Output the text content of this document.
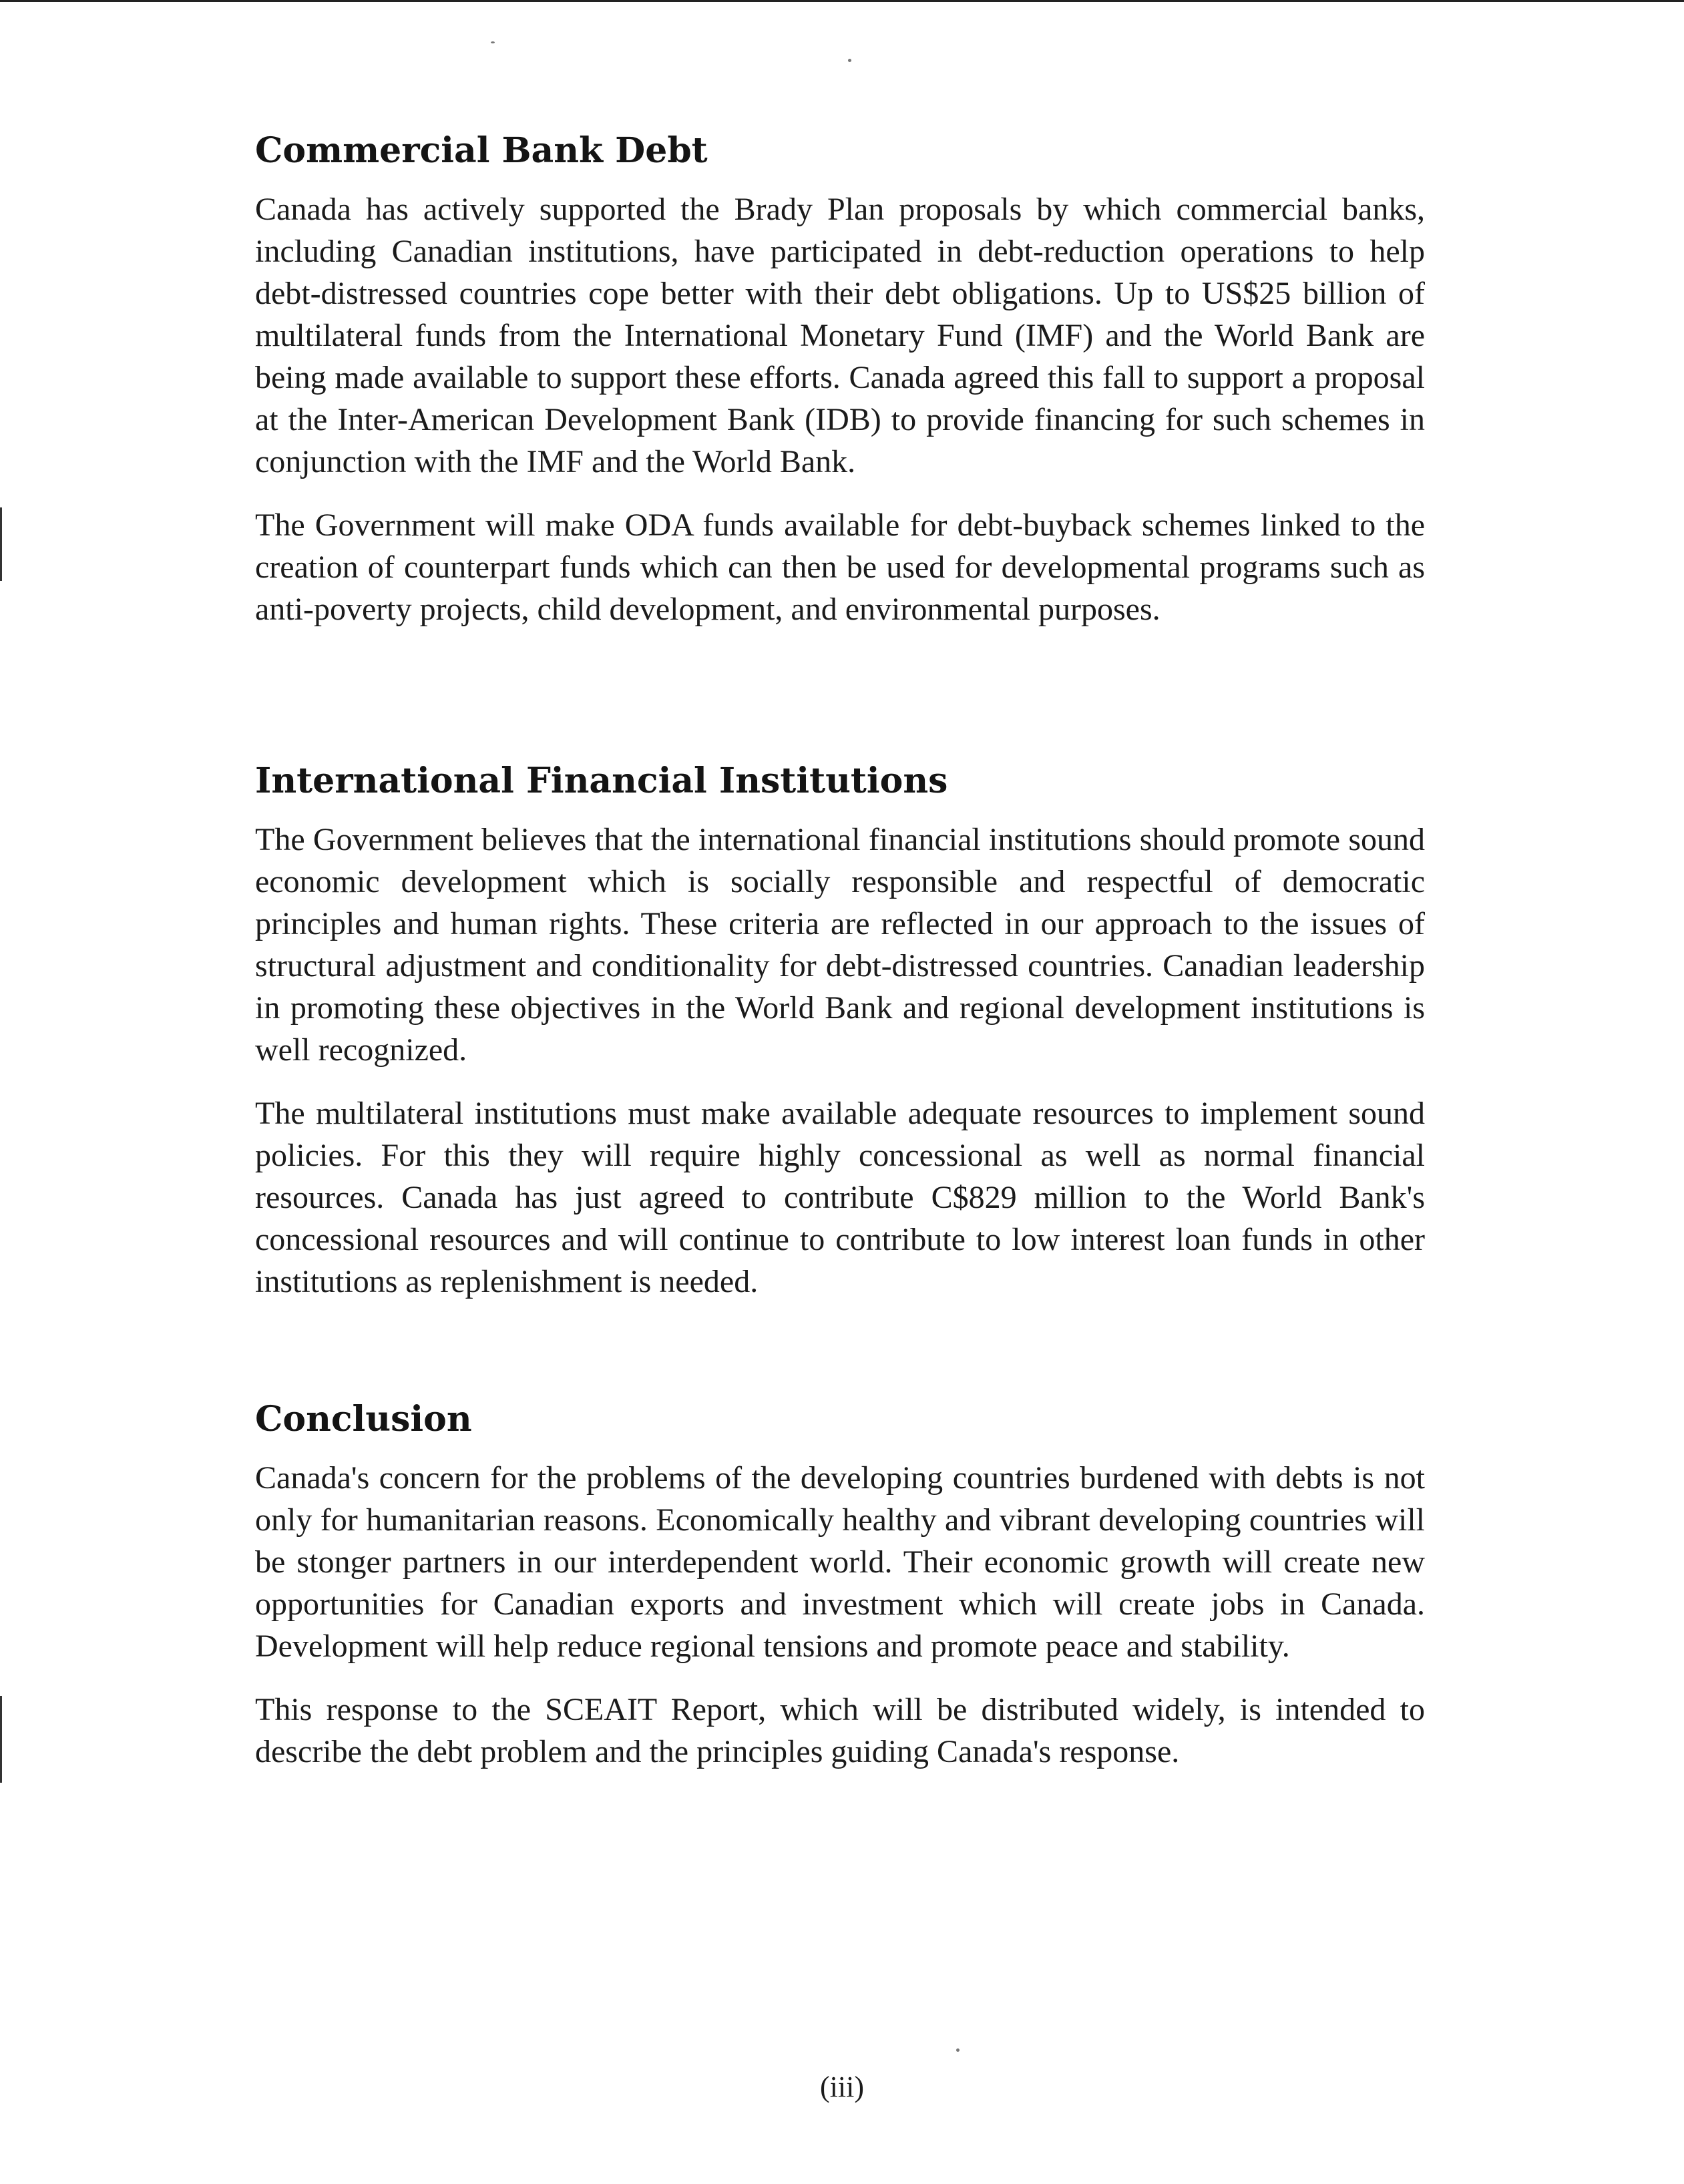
Commercial Bank Debt

Canada has actively supported the Brady Plan proposals by which commercial banks, including Canadian institutions, have participated in debt-reduction operations to help debt-distressed countries cope better with their debt obligations. Up to US$25 billion of multilateral funds from the International Monetary Fund (IMF) and the World Bank are being made available to support these efforts. Canada agreed this fall to support a proposal at the Inter-American Development Bank (IDB) to provide financing for such schemes in conjunction with the IMF and the World Bank.

The Government will make ODA funds available for debt-buyback schemes linked to the creation of counterpart funds which can then be used for developmental programs such as anti-poverty projects, child development, and environmental purposes.

International Financial Institutions

The Government believes that the international financial institutions should promote sound economic development which is socially responsible and respectful of democratic principles and human rights. These criteria are reflected in our approach to the issues of structural adjustment and conditionality for debt-distressed countries. Canadian leadership in promoting these objectives in the World Bank and regional development institutions is well recognized.

The multilateral institutions must make available adequate resources to implement sound policies. For this they will require highly concessional as well as normal financial resources. Canada has just agreed to contribute C$829 million to the World Bank's concessional resources and will continue to contribute to low interest loan funds in other institutions as replenishment is needed.

Conclusion

Canada's concern for the problems of the developing countries burdened with debts is not only for humanitarian reasons. Economically healthy and vibrant developing countries will be stonger partners in our interdependent world. Their economic growth will create new opportunities for Canadian exports and investment which will create jobs in Canada. Development will help reduce regional tensions and promote peace and stability.

This response to the SCEAIT Report, which will be distributed widely, is intended to describe the debt problem and the principles guiding Canada's response.

(iii)
